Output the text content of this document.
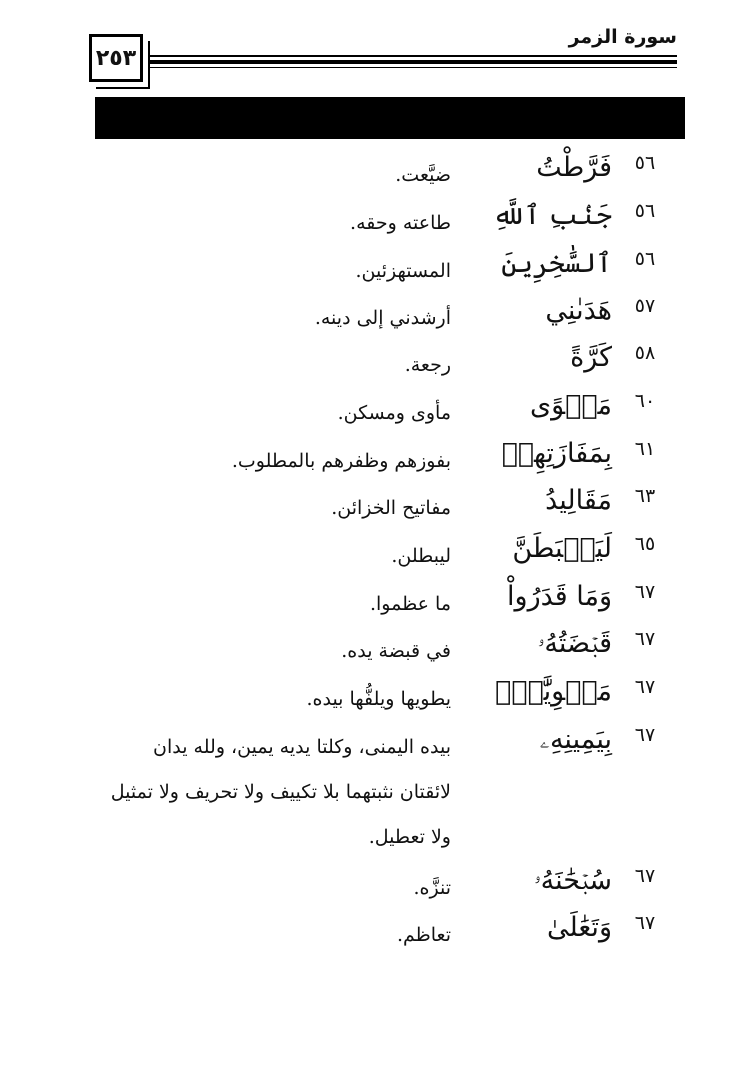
٢٥٣
سورة الزمر
٥٦
فَرَّطْتُ
ضيَّعت.
٥٦
جَنۢبِ ٱللَّهِ
طاعته وحقه.
٥٦
ٱلسَّٰخِرِينَ
المستهزئين.
٥٧
هَدَىٰنِي
أرشدني إلى دينه.
٥٨
كَرَّةً
رجعة.
٦٠
مَثۡوًى
مأوى ومسكن.
٦١
بِمَفَازَتِهِمۡ
بفوزهم وظفرهم بالمطلوب.
٦٣
مَقَالِيدُ
مفاتيح الخزائن.
٦٥
لَيَحۡبَطَنَّ
ليبطلن.
٦٧
وَمَا قَدَرُواْ
ما عظموا.
٦٧
قَبۡضَتُهُۥ
في قبضة يده.
٦٧
مَطۡوِيَّٰتُۢ
يطويها ويلفُّها بيده.
٦٧
بِيَمِينِهِۦ
بيده اليمنى، وكلتا يديه يمين، ولله يدان لائقتان نثبتهما بلا تكييف ولا تحريف ولا تمثيل ولا تعطيل.
٦٧
سُبۡحَٰنَهُۥ
تنزَّه.
٦٧
وَتَعَٰلَىٰ
تعاظم.
